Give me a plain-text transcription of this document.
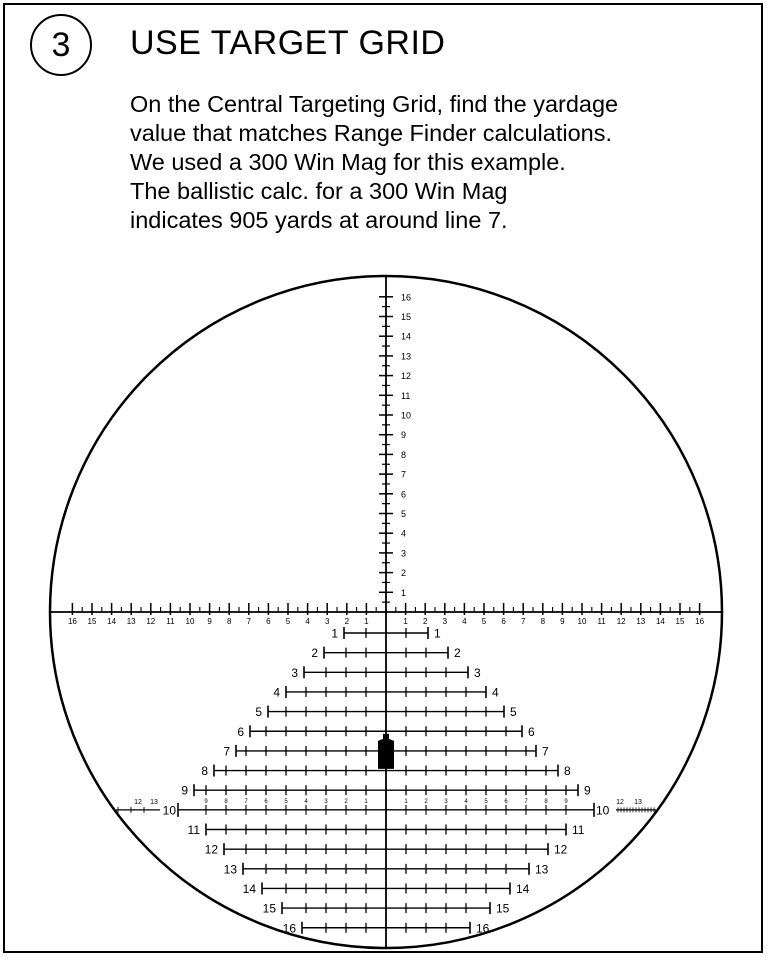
3 USE TARGET GRID
On the Central Targeting Grid, find the yardage
value that matches Range Finder calculations.
We used a 300 Win Mag for this example.
The ballistic calc. for a 300 Win Mag
indicates 905 yards at around line 7.
1
2
3
4
5
6
7
8
9
10
11
12
13
14
15
16
1	1
2	2
3	3
4	4
5	5
6	6
7	7
8	8
9	9
10	10
11	11
12	12
13	13
14	14
15	15
16	16
1	1
2	2
3	3
4	4
5	5
6	6
7	7
8	8
9	9
1	1
2	2
3	3
4	4
5	5
6	6
7	7
8	8
9	9
10	10
12 13	12 13
11	11
12	12
13	13
14	14
15	15
16	16
